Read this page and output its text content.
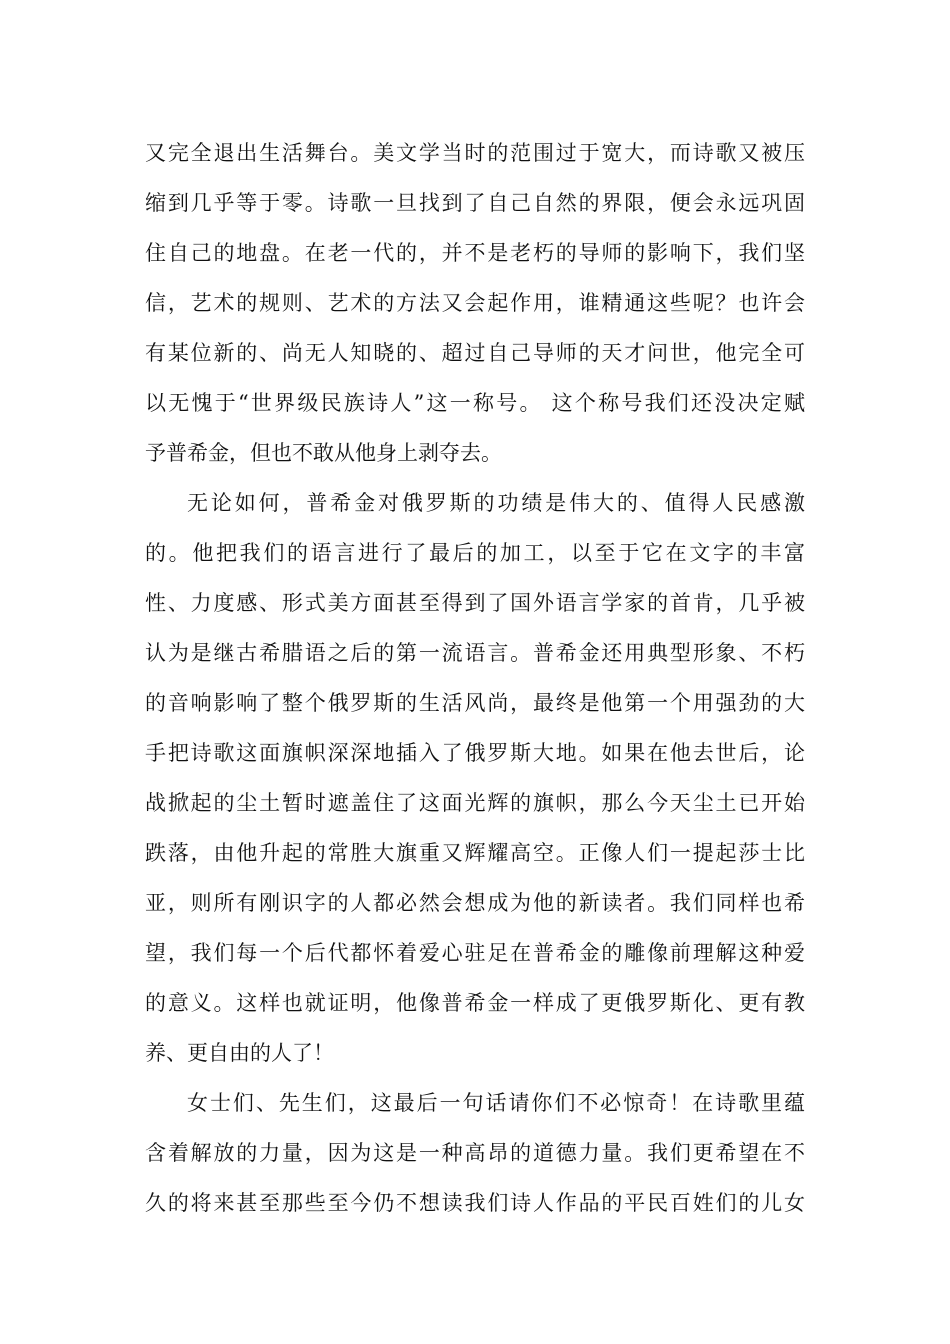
又完全退出生活舞台。美文学当时的范围过于宽大，而诗歌又被压
缩到几乎等于零。诗歌一旦找到了自己自然的界限，便会永远巩固
住自己的地盘。在老一代的，并不是老朽的导师的影响下，我们坚
信，艺术的规则、艺术的方法又会起作用，谁精通这些呢？也许会
有某位新的、尚无人知晓的、超过自己导师的天才问世，他完全可
以无愧于“世界级民族诗人”这一称号。 这个称号我们还没决定赋
予普希金，但也不敢从他身上剥夺去。
无论如何，普希金对俄罗斯的功绩是伟大的、值得人民感激
的。他把我们的语言进行了最后的加工，以至于它在文字的丰富
性、力度感、形式美方面甚至得到了国外语言学家的首肯，几乎被
认为是继古希腊语之后的第一流语言。普希金还用典型形象、不朽
的音响影响了整个俄罗斯的生活风尚，最终是他第一个用强劲的大
手把诗歌这面旗帜深深地插入了俄罗斯大地。如果在他去世后，论
战掀起的尘土暂时遮盖住了这面光辉的旗帜，那么今天尘土已开始
跌落，由他升起的常胜大旗重又辉耀高空。正像人们一提起莎士比
亚，则所有刚识字的人都必然会想成为他的新读者。我们同样也希
望，我们每一个后代都怀着爱心驻足在普希金的雕像前理解这种爱
的意义。这样也就证明，他像普希金一样成了更俄罗斯化、更有教
养、更自由的人了！
女士们、先生们，这最后一句话请你们不必惊奇！在诗歌里蕴
含着解放的力量，因为这是一种高昂的道德力量。我们更希望在不
久的将来甚至那些至今仍不想读我们诗人作品的平民百姓们的儿女
